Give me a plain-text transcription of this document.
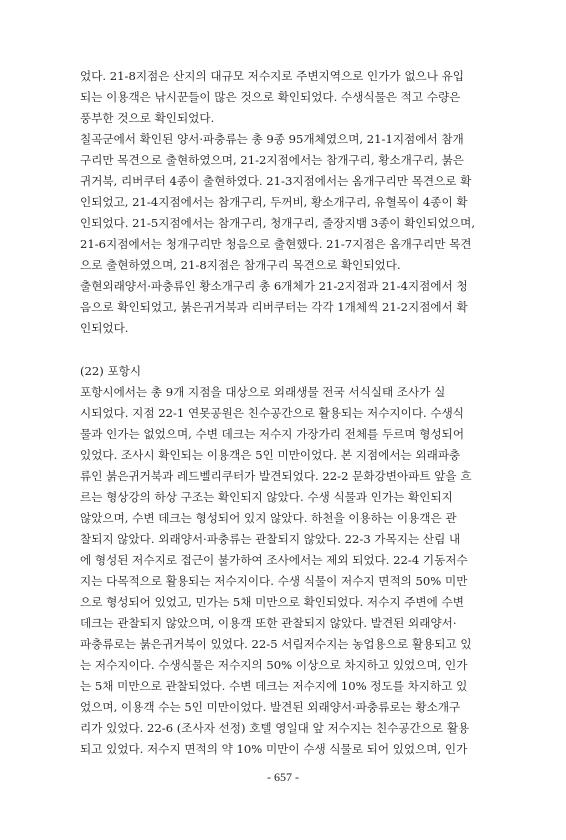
었다. 21-8지점은 산지의 대규모 저수지로 주변지역으로 인가가 없으나 유입
되는 이용객은 낚시꾼들이 많은 것으로 확인되었다. 수생식물은 적고 수량은
풍부한 것으로 확인되었다.
칠곡군에서 확인된 양서·파충류는 총 9종 95개체였으며, 21-1지점에서 참개
구리만 목견으로 출현하였으며, 21-2지점에서는 참개구리, 황소개구리, 붉은
귀거북, 리버쿠터 4종이 출현하였다. 21-3지점에서는 옴개구리만 목견으로 확
인되었고, 21-4지점에서는 참개구리, 두꺼비, 황소개구리, 유혈목이 4종이 확
인되었다. 21-5지점에서는 참개구리, 청개구리, 줄장지뱀 3종이 확인되었으며,
21-6지점에서는 청개구리만 청음으로 출현했다. 21-7지점은 옴개구리만 목견
으로 출현하였으며, 21-8지점은 참개구리 목견으로 확인되었다.
출현외래양서·파충류인 황소개구리 총 6개체가 21-2지점과 21-4지점에서 청
음으로 확인되었고, 붉은귀거북과 리버쿠터는 각각 1개체씩 21-2지점에서 확
인되었다.
(22) 포항시
포항시에서는 총 9개 지점을 대상으로 외래생물 전국 서식실태 조사가 실
시되었다. 지점 22-1 연못공원은 친수공간으로 활용되는 저수지이다. 수생식
물과 인가는 없었으며, 수변 데크는 저수지 가장가리 전체를 두르며 형성되어
있었다. 조사시 확인되는 이용객은 5인 미만이었다. 본 지점에서는 외래파충
류인 붉은귀거북과 레드벨리쿠터가 발견되었다. 22-2 문화강변아파트 앞을 흐
르는 형상강의 하상 구조는 확인되지 않았다. 수생 식물과 인가는 확인되지
않았으며, 수변 데크는 형성되어 있지 않았다. 하천을 이용하는 이용객은 관
찰되지 않았다. 외래양서·파충류는 관찰되지 않았다. 22-3 가목지는 산림 내
에 형성된 저수지로 접근이 불가하여 조사에서는 제외 되었다. 22-4 기동저수
지는 다목적으로 활용되는 저수지이다. 수생 식물이 저수지 면적의 50% 미만
으로 형성되어 있었고, 민가는 5채 미만으로 확인되었다. 저수지 주변에 수변
데크는 관찰되지 않았으며, 이용객 또한 관찰되지 않았다. 발견된 외래양서·
파충류로는 붉은귀거북이 있었다. 22-5 서림저수지는 농업용으로 활용되고 있
는 저수지이다. 수생식물은 저수지의 50% 이상으로 차지하고 있었으며, 인가
는 5채 미만으로 관찰되었다. 수변 데크는 저수지에 10% 정도를 차지하고 있
었으며, 이용객 수는 5인 미만이었다. 발견된 외래양서·파충류로는 황소개구
리가 있었다. 22-6 (조사자 선정) 호텔 영일대 앞 저수지는 친수공간으로 활용
되고 있었다. 저수지 면적의 약 10% 미만이 수생 식물로 되어 있었으며, 인가
- 657 -
